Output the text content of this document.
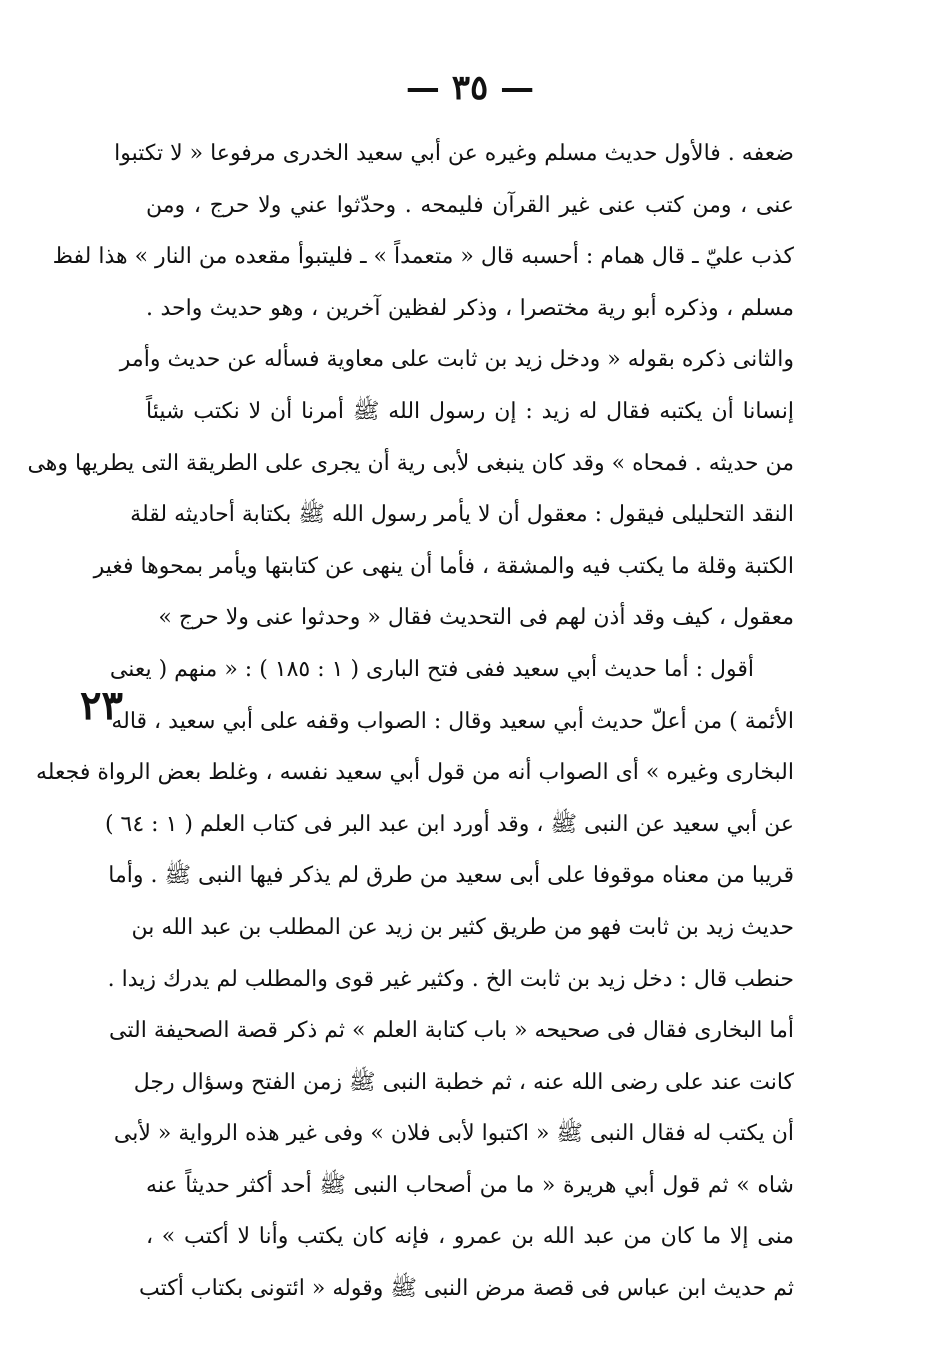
— ٣٥ —
٢٣
ضعفه . فالأول حديث مسلم وغيره عن أبي سعيد الخدرى مرفوعا « لا تكتبوا
عنى ، ومن كتب عنى غير القرآن فليمحه . وحدّثوا عني ولا حرج ، ومن
كذب عليّ ـ قال همام : أحسبه قال « متعمداً » ـ فليتبوأ مقعده من النار » هذا لفظ
مسلم ، وذكره أبو رية مختصرا ، وذكر لفظين آخرين ، وهو حديث واحد .
والثانى ذكره بقوله « ودخل زيد بن ثابت على معاوية فسأله عن حديث وأمر
إنسانا أن يكتبه فقال له زيد : إن رسول الله ﷺ أمرنا أن لا نكتب شيئاً
من حديثه . فمحاه » وقد كان ينبغى لأبى رية أن يجرى على الطريقة التى يطريها وهى
النقد التحليلى فيقول : معقول أن لا يأمر رسول الله ﷺ بكتابة أحاديثه لقلة
الكتبة وقلة ما يكتب فيه والمشقة ، فأما أن ينهى عن كتابتها ويأمر بمحوها فغير
معقول ، كيف وقد أذن لهم فى التحديث فقال « وحدثوا عنى ولا حرج »
أقول : أما حديث أبي سعيد ففى فتح البارى ( ١ : ١٨٥ ) : « منهم ( يعنى
الأئمة ) من أعلّ حديث أبي سعيد وقال : الصواب وقفه على أبي سعيد ، قاله
البخارى وغيره » أى الصواب أنه من قول أبي سعيد نفسه ، وغلط بعض الرواة فجعله
عن أبي سعيد عن النبى ﷺ ، وقد أورد ابن عبد البر فى كتاب العلم ( ١ : ٦٤ )
قريبا من معناه موقوفا على أبى سعيد من طرق لم يذكر فيها النبى ﷺ . وأما
حديث زيد بن ثابت فهو من طريق كثير بن زيد عن المطلب بن عبد الله بن
حنطب قال : دخل زيد بن ثابت الخ . وكثير غير قوى والمطلب لم يدرك زيدا .
أما البخارى فقال فى صحيحه « باب كتابة العلم » ثم ذكر قصة الصحيفة التى
كانت عند على رضى الله عنه ، ثم خطبة النبى ﷺ زمن الفتح وسؤال رجل
أن يكتب له فقال النبى ﷺ « اكتبوا لأبى فلان » وفى غير هذه الرواية « لأبى
شاه » ثم قول أبي هريرة « ما من أصحاب النبى ﷺ أحد أكثر حديثاً عنه
منى إلا ما كان من عبد الله بن عمرو ، فإنه كان يكتب وأنا لا أكتب » ،
ثم حديث ابن عباس فى قصة مرض النبى ﷺ وقوله « ائتونى بكتاب أكتب
